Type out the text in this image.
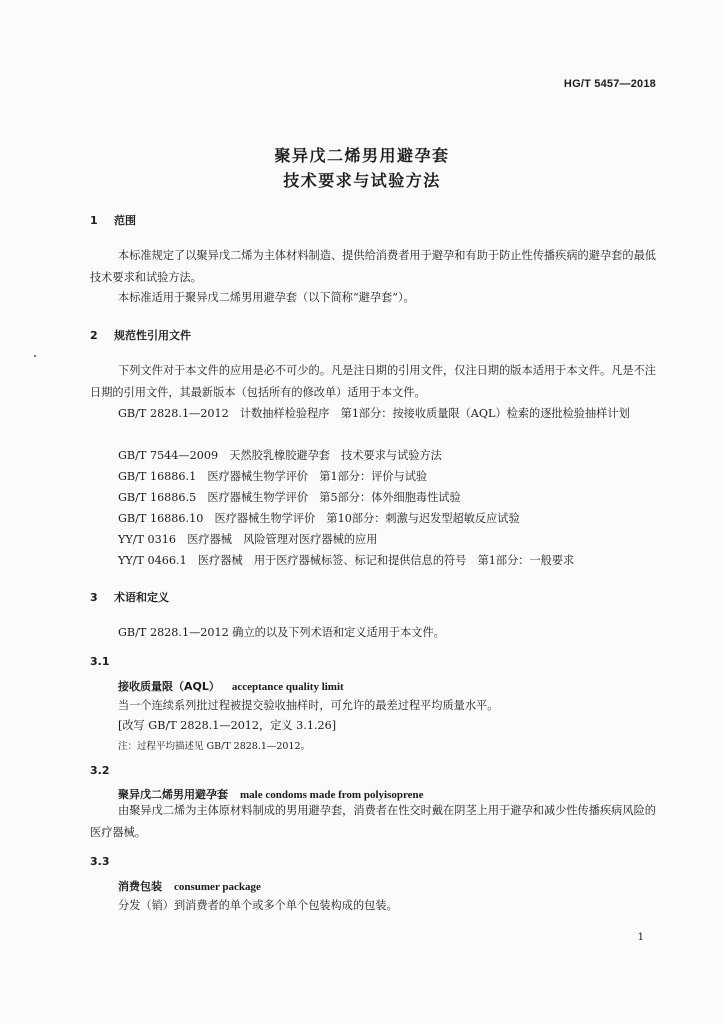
HG/T 5457—2018
聚异戊二烯男用避孕套
技术要求与试验方法
1 范围

本标准规定了以聚异戊二烯为主体材料制造、提供给消费者用于避孕和有助于防止性传播疾病的避孕套的最低技术要求和试验方法。

本标准适用于聚异戊二烯男用避孕套（以下简称“避孕套”）。

2 规范性引用文件

下列文件对于本文件的应用是必不可少的。凡是注日期的引用文件，仅注日期的版本适用于本文件。凡是不注日期的引用文件，其最新版本（包括所有的修改单）适用于本文件。

GB/T 2828.1—2012　计数抽样检验程序　第1部分：按接收质量限（AQL）检索的逐批检验抽样计划
GB/T 7544—2009　天然胶乳橡胶避孕套　技术要求与试验方法
GB/T 16886.1　医疗器械生物学评价　第1部分：评价与试验
GB/T 16886.5　医疗器械生物学评价　第5部分：体外细胞毒性试验
GB/T 16886.10　医疗器械生物学评价　第10部分：刺激与迟发型超敏反应试验
YY/T 0316　医疗器械　风险管理对医疗器械的应用
YY/T 0466.1　医疗器械　用于医疗器械标签、标记和提供信息的符号　第1部分：一般要求
3 术语和定义
GB/T 2828.1—2012 确立的以及下列术语和定义适用于本文件。
3.1
接收质量限（AQL） acceptance quality limit
当一个连续系列批过程被提交验收抽样时，可允许的最差过程平均质量水平。
[改写 GB/T 2828.1—2012，定义 3.1.26]
注：过程平均描述见 GB/T 2828.1—2012。
3.2
聚异戊二烯男用避孕套 male condoms made from polyisoprene

由聚异戊二烯为主体原材料制成的男用避孕套，消费者在性交时戴在阴茎上用于避孕和减少性传播疾病风险的医疗器械。

3.3
消费包装 consumer package
分发（销）到消费者的单个或多个单个包装构成的包装。
1
